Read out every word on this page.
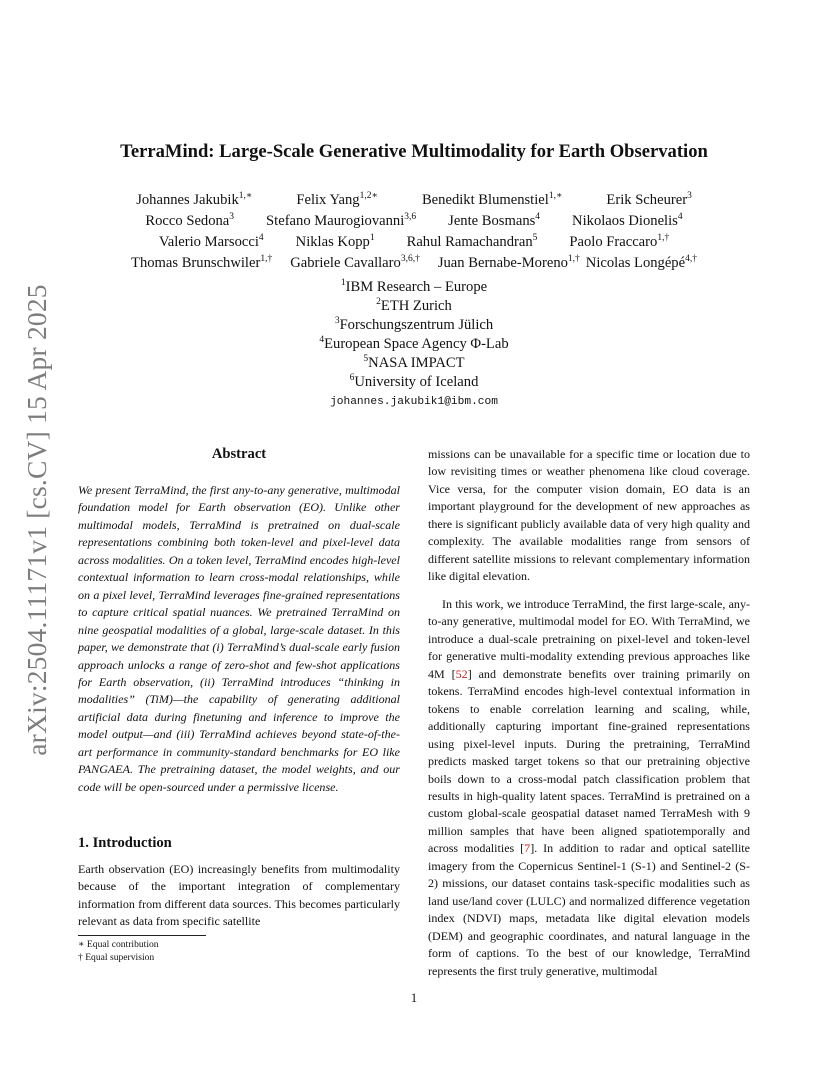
arXiv:2504.11171v1 [cs.CV] 15 Apr 2025
TerraMind: Large-Scale Generative Multimodality for Earth Observation
Johannes Jakubik$^{1,∗}$	Felix Yang$^{1,2∗}$	Benedikt Blumenstiel$^{1,∗}$	Erik Scheurer$^3$
Rocco Sedona$^3$ Stefano Maurogiovanni$^{3,6}$ Jente Bosmans$^4$ Nikolaos Dionelis$^4$
Valerio Marsocci$^4$ Niklas Kopp$^1$ Rahul Ramachandran$^5$ Paolo Fraccaro$^{1,\dagger}$
Thomas Brunschwiler$^{1,\dagger}$ Gabriele Cavallaro$^{3,6,\dagger}$ Juan Bernabe-Moreno$^{1,\dagger}$ Nicolas Longépé$^{4,\dagger}$
$^1$IBM Research – Europe
$^2$ETH Zurich
$^3$Forschungszentrum Jülich
$^4$European Space Agency Φ-Lab
$^5$NASA IMPACT
$^6$University of Iceland
johannes.jakubik1@ibm.com
Abstract

We present TerraMind, the first any-to-any generative, multimodal foundation model for Earth observation (EO). Unlike other multimodal models, TerraMind is pretrained on dual-scale representations combining both token-level and pixel-level data across modalities. On a token level, TerraMind encodes high-level contextual information to learn cross-modal relationships, while on a pixel level, TerraMind leverages fine-grained representations to capture critical spatial nuances. We pretrained TerraMind on nine geospatial modalities of a global, large-scale dataset. In this paper, we demonstrate that (i) TerraMind’s dual-scale early fusion approach unlocks a range of zero-shot and few-shot applications for Earth observation, (ii) TerraMind introduces “thinking in modalities” (TiM)—the capability of generating additional artificial data during finetuning and inference to improve the model output—and (iii) TerraMind achieves beyond state-of-the-art performance in community-standard benchmarks for EO like PANGAEA. The pretraining dataset, the model weights, and our code will be open-sourced under a permissive license.

1. Introduction

Earth observation (EO) increasingly benefits from multimodality because of the important integration of complementary information from different data sources. This becomes particularly relevant as data from specific satellite

∗ Equal contribution
† Equal supervision

missions can be unavailable for a specific time or location due to low revisiting times or weather phenomena like cloud coverage. Vice versa, for the computer vision domain, EO data is an important playground for the development of new approaches as there is significant publicly available data of very high quality and complexity. The available modalities range from sensors of different satellite missions to relevant complementary information like digital elevation.

In this work, we introduce TerraMind, the first large-scale, any-to-any generative, multimodal model for EO. With TerraMind, we introduce a dual-scale pretraining on pixel-level and token-level for generative multi-modality extending previous approaches like 4M [52] and demonstrate benefits over training primarily on tokens. TerraMind encodes high-level contextual information in tokens to enable correlation learning and scaling, while, additionally capturing important fine-grained representations using pixel-level inputs. During the pretraining, TerraMind predicts masked target tokens so that our pretraining objective boils down to a cross-modal patch classification problem that results in high-quality latent spaces. TerraMind is pretrained on a custom global-scale geospatial dataset named TerraMesh with 9 million samples that have been aligned spatiotemporally and across modalities [7]. In addition to radar and optical satellite imagery from the Copernicus Sentinel-1 (S-1) and Sentinel-2 (S-2) missions, our dataset contains task-specific modalities such as land use/land cover (LULC) and normalized difference vegetation index (NDVI) maps, metadata like digital elevation models (DEM) and geographic coordinates, and natural language in the form of captions. To the best of our knowledge, TerraMind represents the first truly generative, multimodal

1
